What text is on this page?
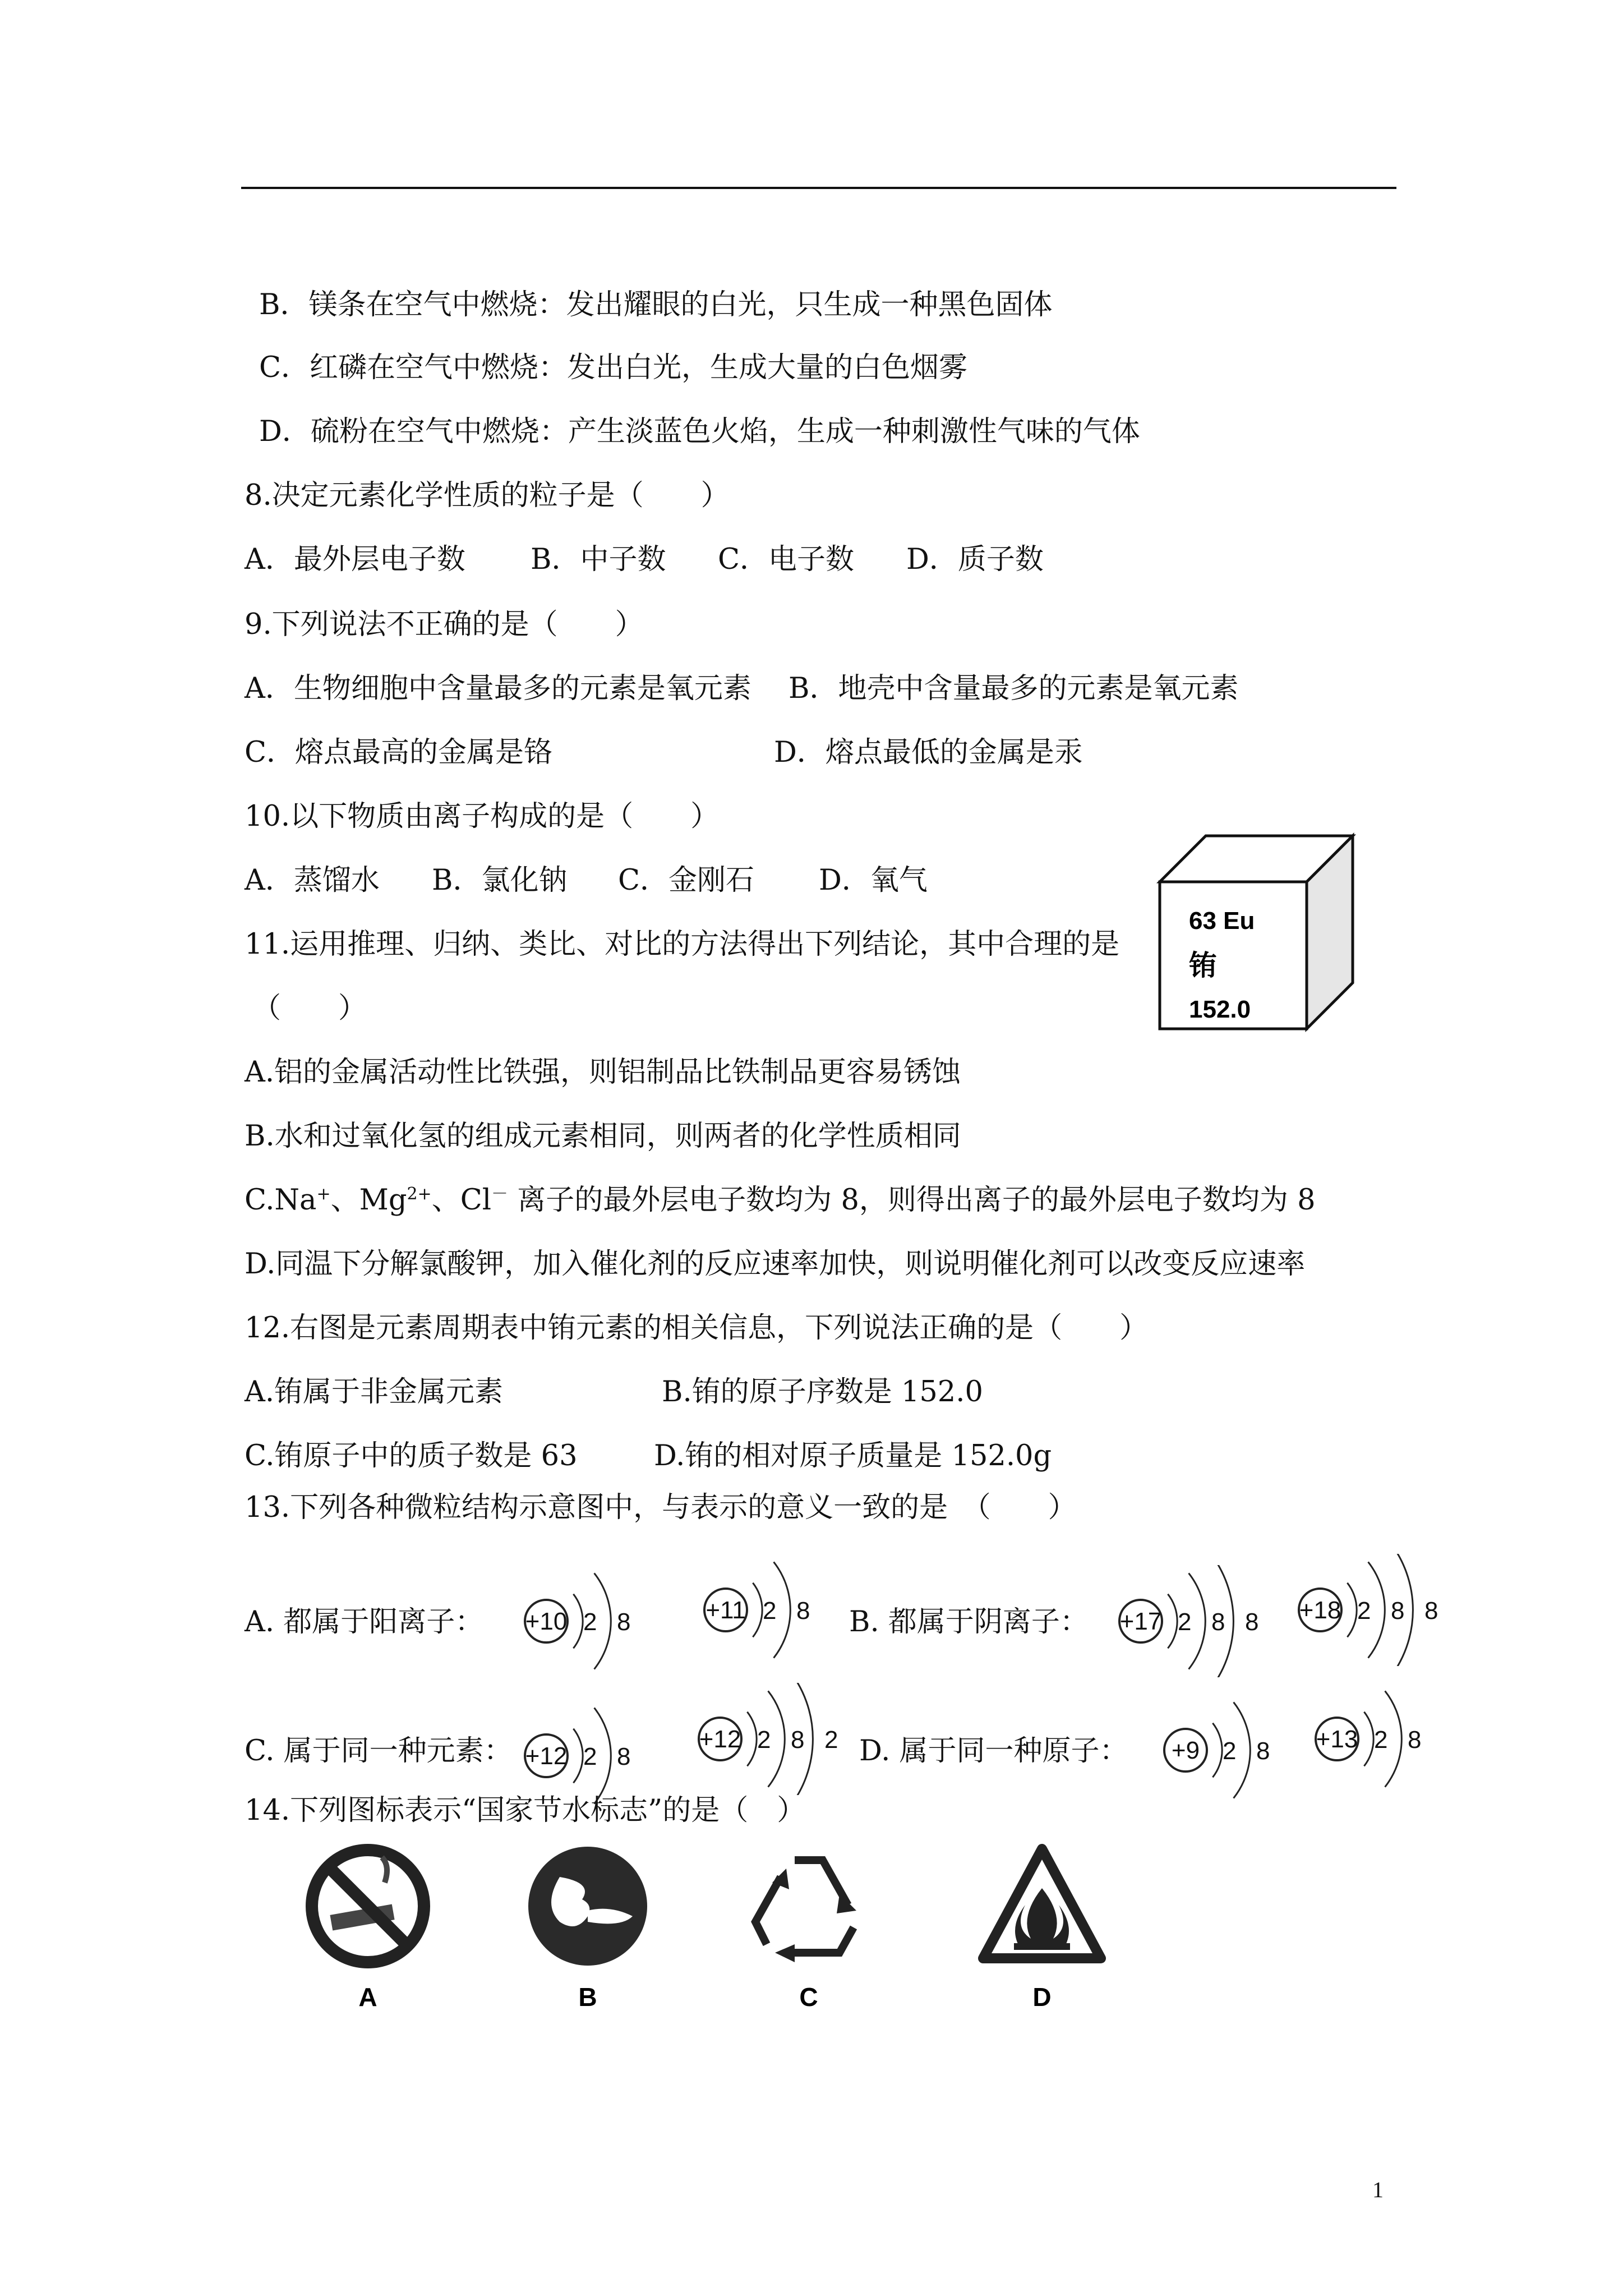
B．镁条在空气中燃烧：发出耀眼的白光，只生成一种黑色固体
C．红磷在空气中燃烧：发出白光，生成大量的白色烟雾
D．硫粉在空气中燃烧：产生淡蓝色火焰，生成一种刺激性气味的气体
8.决定元素化学性质的粒子是（　　）
A．最外层电子数 B．中子数 C．电子数 D．质子数
9.下列说法不正确的是（　　）
A．生物细胞中含量最多的元素是氧元素 B．地壳中含量最多的元素是氧元素
C．熔点最高的金属是铬	D．熔点最低的金属是汞
10.以下物质由离子构成的是（　　）
A．蒸馏水 B．氯化钠 C．金刚石 D．氧气
63 Eu
铕
152.0
11.运用推理、归纳、类比、对比的方法得出下列结论，其中合理的是
（　　）
A.铝的金属活动性比铁强，则铝制品比铁制品更容易锈蚀
B.水和过氧化氢的组成元素相同，则两者的化学性质相同
C.Na+、$Mg^{2+}$、Cl－ 离子的最外层电子数均为 8，则得出离子的最外层电子数均为 8
D.同温下分解氯酸钾，加入催化剂的反应速率加快，则说明催化剂可以改变反应速率
12.右图是元素周期表中铕元素的相关信息，下列说法正确的是（　　）
A.铕属于非金属元素	B.铕的原子序数是 152.0
C.铕原子中的质子数是 63	D.铕的相对原子质量是 152.0g
13.下列各种微粒结构示意图中，与表示的意义一致的是　（　　）
A. 都属于阳离子：	B. 都属于阴离子：
C. 属于同一种元素：	D. 属于同一种原子：
+10 2 8	+11 2 8	+17 2 8 8 +18 2 8 8
+12 2 8
+12 2 8 2	+9 2 8 +13 2 8
14.下列图标表示“国家节水标志”的是（　）
A	B	C	D
1
